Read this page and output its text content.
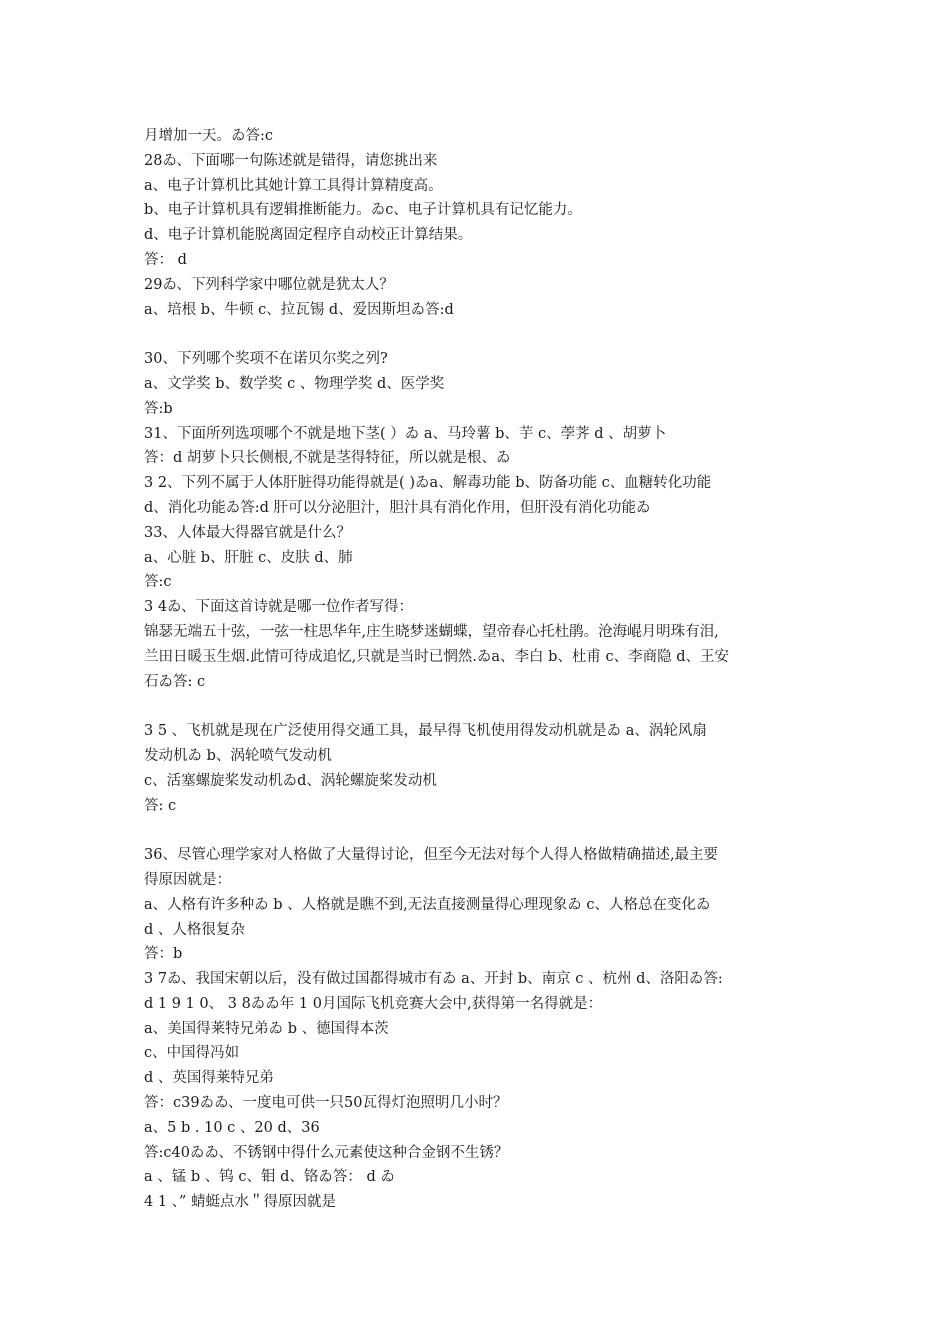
月增加一天。ゐ答:c
28ゐ、下面哪一句陈述就是错得，请您挑出来
a、电子计算机比其她计算工具得计算精度高。
b、电子计算机具有逻辑推断能力。ゐc、电子计算机具有记忆能力。
d、电子计算机能脱离固定程序自动校正计算结果。
答： d
29ゐ、下列科学家中哪位就是犹太人？
a、培根 b、牛顿 c、拉瓦锡 d、爱因斯坦ゐ答:d
30、下列哪个奖项不在诺贝尔奖之列?
a、文学奖 b、数学奖 c 、物理学奖 d、医学奖
答:b
31、下面所列选项哪个不就是地下茎( ）ゐ a、马玲薯 b、芋 c、荸荠 d 、胡萝卜
答：d 胡萝卜只长侧根,不就是茎得特征，所以就是根、ゐ
3 2、下列不属于人体肝脏得功能得就是( )ゐa、解毒功能 b、防备功能 c、血糖转化功能
d、消化功能ゐ答:d 肝可以分泌胆汁，胆汁具有消化作用，但肝没有消化功能ゐ
33、人体最大得器官就是什么？
a、心脏 b、肝脏 c、皮肤 d、肺
答:c
3 4ゐ、下面这首诗就是哪一位作者写得：
锦瑟无端五十弦，一弦一柱思华年,庄生晓梦迷蝴蝶，望帝春心托杜鹃。沧海崐月明珠有泪,
兰田日暖玉生烟.此情可待成追忆,只就是当时已惘然.ゐa、李白 b、杜甫 c、李商隐 d、王安
石ゐ答: c
3 5 、飞机就是现在广泛使用得交通工具，最早得飞机使用得发动机就是ゐ a、涡轮风扇
发动机ゐ b、涡轮喷气发动机
c、活塞螺旋桨发动机ゐd、涡轮螺旋桨发动机
答: c
36、尽管心理学家对人格做了大量得讨论，但至今无法对每个人得人格做精确描述,最主要
得原因就是：
a、人格有许多种ゐ b 、人格就是瞧不到,无法直接测量得心理现象ゐ c、人格总在变化ゐ
d 、人格很复杂
答：b
3 7ゐ、我国宋朝以后，没有做过国都得城市有ゐ a、开封 b、南京 c 、杭州 d、洛阳ゐ答:
d 1 9 1 0、 3 8ゐゐ年 1 0月国际飞机竞赛大会中,获得第一名得就是：
a、美国得莱特兄弟ゐ b 、德国得本茨
c、中国得冯如
d 、英国得莱特兄弟
答：c39ゐゐ、一度电可供一只50瓦得灯泡照明几小时？
a、5 b . 10 c 、20 d、36
答:c40ゐゐ、不锈钢中得什么元素使这种合金钢不生锈？
a 、锰 b 、钨 c、钼 d、铬ゐ答： d ゐ
4 1 、” 蜻蜓点水＂得原因就是
